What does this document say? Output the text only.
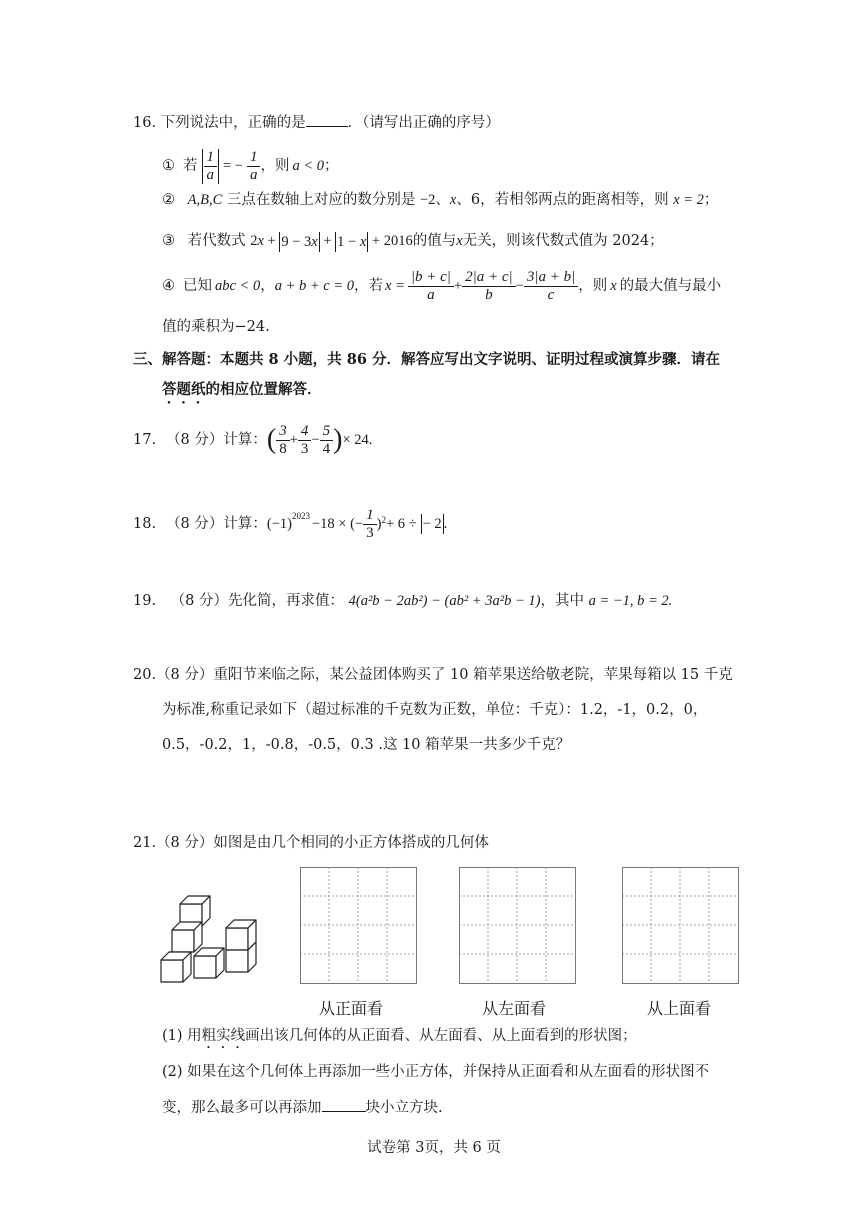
16. 下列说法中，正确的是	．（请写出正确的序号）
① 若 $\frac{1}{a}$ = − $\frac{1}{a}$ ，则 a < 0 ；
② A,B,C 三点在数轴上对应的数分别是 −2、x、6，若相邻两点的距离相等，则 x = 2；
③ 若代数式 2x + 9 − 3x + 1 − x + 2016的值与x无关，则该代数式值为 2024；
④ 已知 abc < 0 ， a + b + c = 0 ，若 $x = \frac{|b + c|}{a} + \frac{2|a + c|}{b} - \frac{3|a + b|}{c}$ ，则 x 的最大值与最小
值的乘积为−24.
三、解答题：本题共 8 小题，共 86 分．解答应写出文字说明、证明过程或演算步骤．请在
答题纸的相应位置解答．
17. （8 分）计算： ( $\frac{3}{8} + \frac{4}{3} - \frac{5}{4}$ ) × 24.
18. （8 分）计算： $(-1)^{2023} -18$ × (− $\frac{1}{3} )^2 + 6$ ÷ − 2 .
19. （8 分）先化简，再求值： 4(a²b − 2ab²) − (ab² + 3a²b − 1)，其中 a = −1, b = 2.
20.（8 分）重阳节来临之际，某公益团体购买了 10 箱苹果送给敬老院，苹果每箱以 15 千克
为标准,称重记录如下（超过标准的千克数为正数，单位：千克）：1.2，-1，0.2，0，
0.5，-0.2，1，-0.8，-0.5，0.3 .这 10 箱苹果一共多少千克？
21.（8 分）如图是由几个相同的小正方体搭成的几何体
从正面看	从左面看	从上面看
(1) 用粗实线画出该几何体的从正面看、从左面看、从上面看到的形状图；
(2) 如果在这个几何体上再添加一些小正方体，并保持从正面看和从左面看的形状图不
变，那么最多可以再添加	块小立方块.
试卷第 3页，共 6 页
